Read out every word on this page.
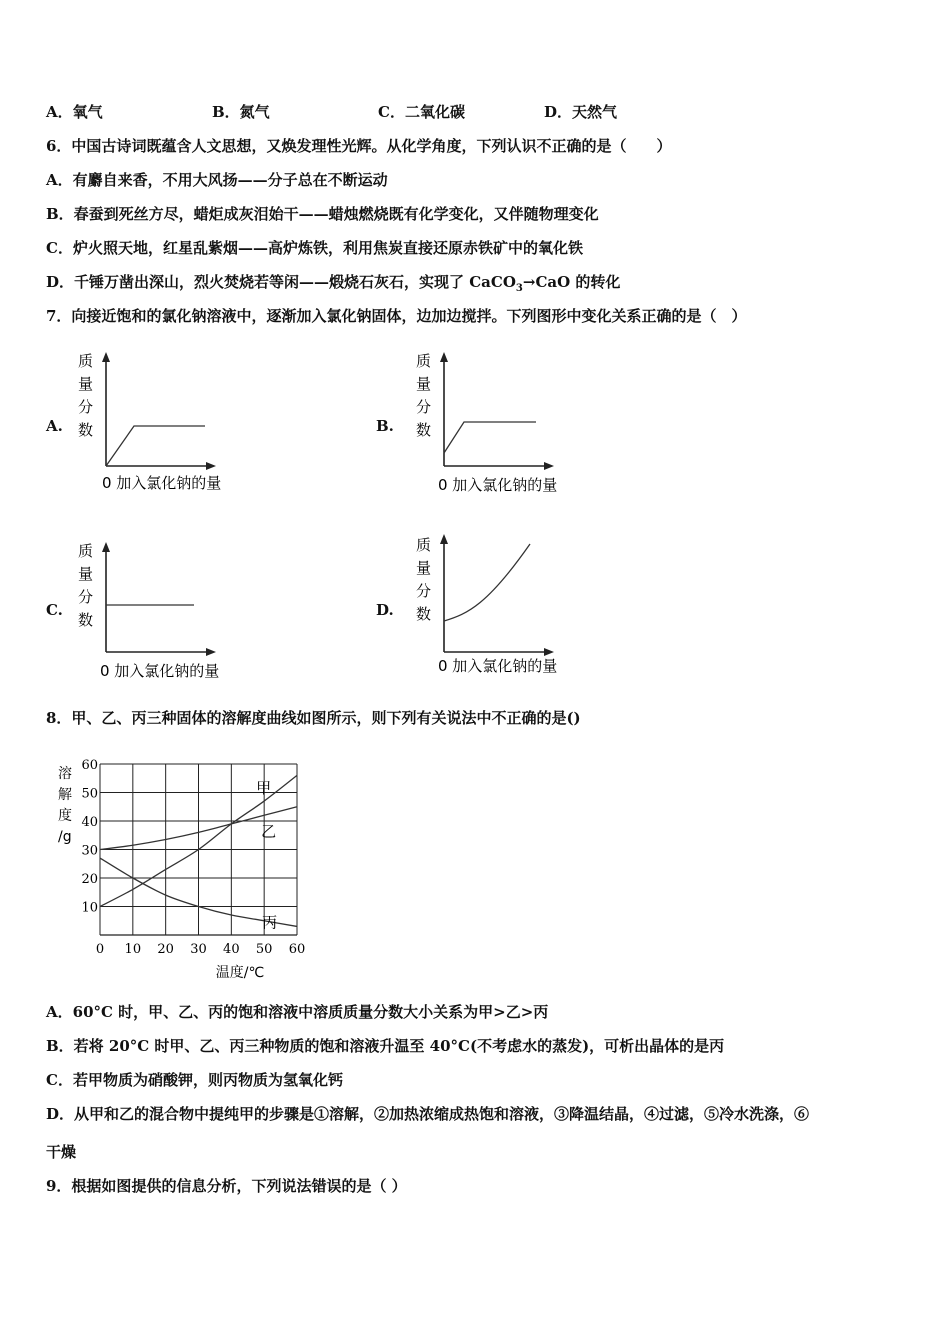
A．氧气	B．氮气	C．二氧化碳	D．天然气
6．中国古诗词既蕴含人文思想，又焕发理性光辉。从化学角度，下列认识不正确的是（　　）
A．有麝自来香，不用大风扬——分子总在不断运动
B．春蚕到死丝方尽，蜡炬成灰泪始干——蜡烛燃烧既有化学变化，又伴随物理变化
C．炉火照天地，红星乱紫烟——高炉炼铁，利用焦炭直接还原赤铁矿中的氧化铁
D．千锤万凿出深山，烈火焚烧若等闲——煅烧石灰石，实现了 CaCO$_3$→CaO 的转化
7．向接近饱和的氯化钠溶液中，逐渐加入氯化钠固体，边加边搅拌。下列图形中变化关系正确的是（　）
A.
质
量
分
数
0 加入氯化钠的量
B.
质
量
分
数
0 加入氯化钠的量
C.
质
量
分
数
0 加入氯化钠的量
D.
质
量
分
数
0 加入氯化钠的量
8．甲、乙、丙三种固体的溶解度曲线如图所示，则下列有关说法中不正确的是()
0 10 20 30 40 50 60
10
20
30
40
50
60
溶
解
度
/g
温度/℃
甲
乙
丙
A．60°C 时，甲、乙、丙的饱和溶液中溶质质量分数大小关系为甲>乙>丙
B．若将 20°C 时甲、乙、丙三种物质的饱和溶液升温至 40°C(不考虑水的蒸发)，可析出晶体的是丙
C．若甲物质为硝酸钾，则丙物质为氢氧化钙
D．从甲和乙的混合物中提纯甲的步骤是①溶解，②加热浓缩成热饱和溶液，③降温结晶，④过滤，⑤冷水洗涤，⑥
干燥
9．根据如图提供的信息分析，下列说法错误的是（ ）
